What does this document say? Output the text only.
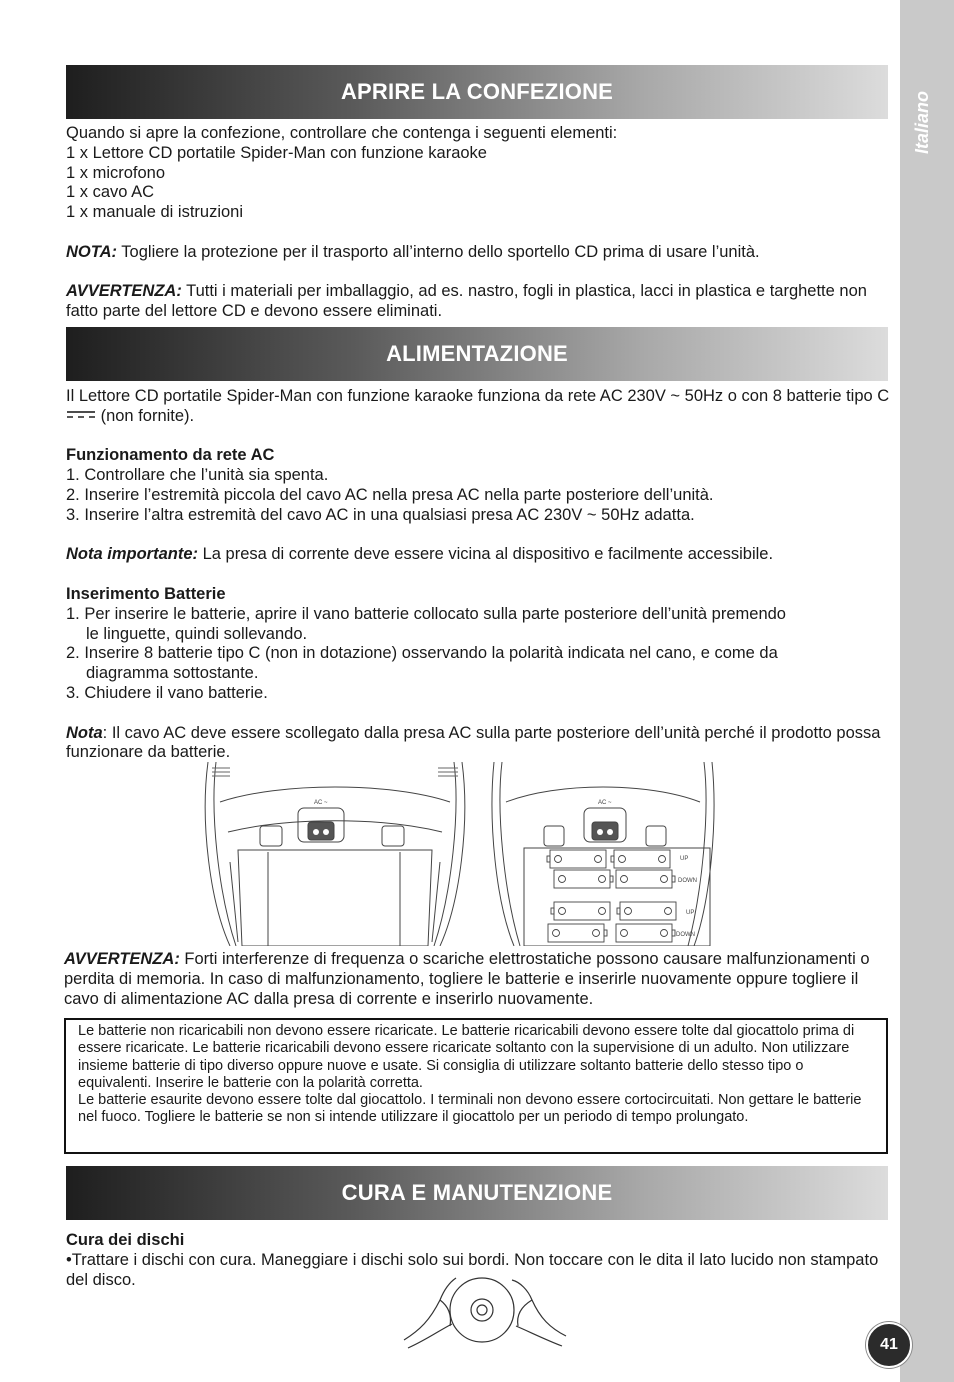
Italiano
41
APRIRE LA CONFEZIONE

Quando si apre la confezione, controllare che contenga i seguenti elementi:

1 x Lettore CD portatile Spider-Man con funzione karaoke

1 x microfono

1 x cavo AC

1 x manuale di istruzioni

NOTA: Togliere la protezione per il trasporto all’interno dello sportello CD prima di usare l’unità.

AVVERTENZA: Tutti i materiali per imballaggio, ad es. nastro, fogli in plastica, lacci in plastica e targhette non fatto parte del lettore CD e devono essere eliminati.

ALIMENTAZIONE

Il Lettore CD portatile Spider-Man con funzione karaoke funziona da rete AC 230V ~ 50Hz o con 8 batterie tipo C  (non fornite).

Funzionamento da rete AC

1. Controllare che l’unità sia spenta.

2. Inserire l’estremità piccola del cavo AC nella presa AC nella parte posteriore dell’unità.

3. Inserire l’altra estremità del cavo AC in una qualsiasi presa AC 230V ~ 50Hz adatta.

Nota importante: La presa di corrente deve essere vicina al dispositivo e facilmente accessibile.

Inserimento Batterie

1. Per inserire le batterie, aprire il vano batterie collocato sulla parte posteriore dell’unità premendo

le linguette, quindi sollevando.

2. Inserire 8 batterie tipo C (non in dotazione) osservando la polarità indicata nel cano, e come da

diagramma sottostante.

3. Chiudere il vano batterie.

Nota: Il cavo AC deve essere scollegato dalla presa AC sulla parte posteriore dell’unità perché il prodotto possa funzionare da batterie.

AC ~	AC ~
UP
DOWN
UP
DOWN

AVVERTENZA: Forti interferenze di frequenza o scariche elettrostatiche possono causare malfunzionamenti o perdita di memoria. In caso di malfunzionamento, togliere le batterie e inserirle nuovamente oppure togliere il cavo di alimentazione AC dalla presa di corrente e inserirlo nuovamente.

Le batterie non ricaricabili non devono essere ricaricate. Le batterie ricaricabili devono essere tolte dal giocattolo prima di essere ricaricate. Le batterie ricaricabili devono essere ricaricate soltanto con la supervisione di un adulto. Non utilizzare insieme batterie di tipo diverso oppure nuove e usate. Si consiglia di utilizzare soltanto batterie dello stesso tipo o equivalenti. Inserire le batterie con la polarità corretta.

Le batterie esaurite devono essere tolte dal giocattolo. I terminali non devono essere cortocircuitati. Non gettare le batterie nel fuoco. Togliere le batterie se non si intende utilizzare il giocattolo per un periodo di tempo prolungato.

CURA E MANUTENZIONE

Cura dei dischi

•Trattare i dischi con cura. Maneggiare i dischi solo sui bordi. Non toccare con le dita il lato lucido non stampato del disco.
